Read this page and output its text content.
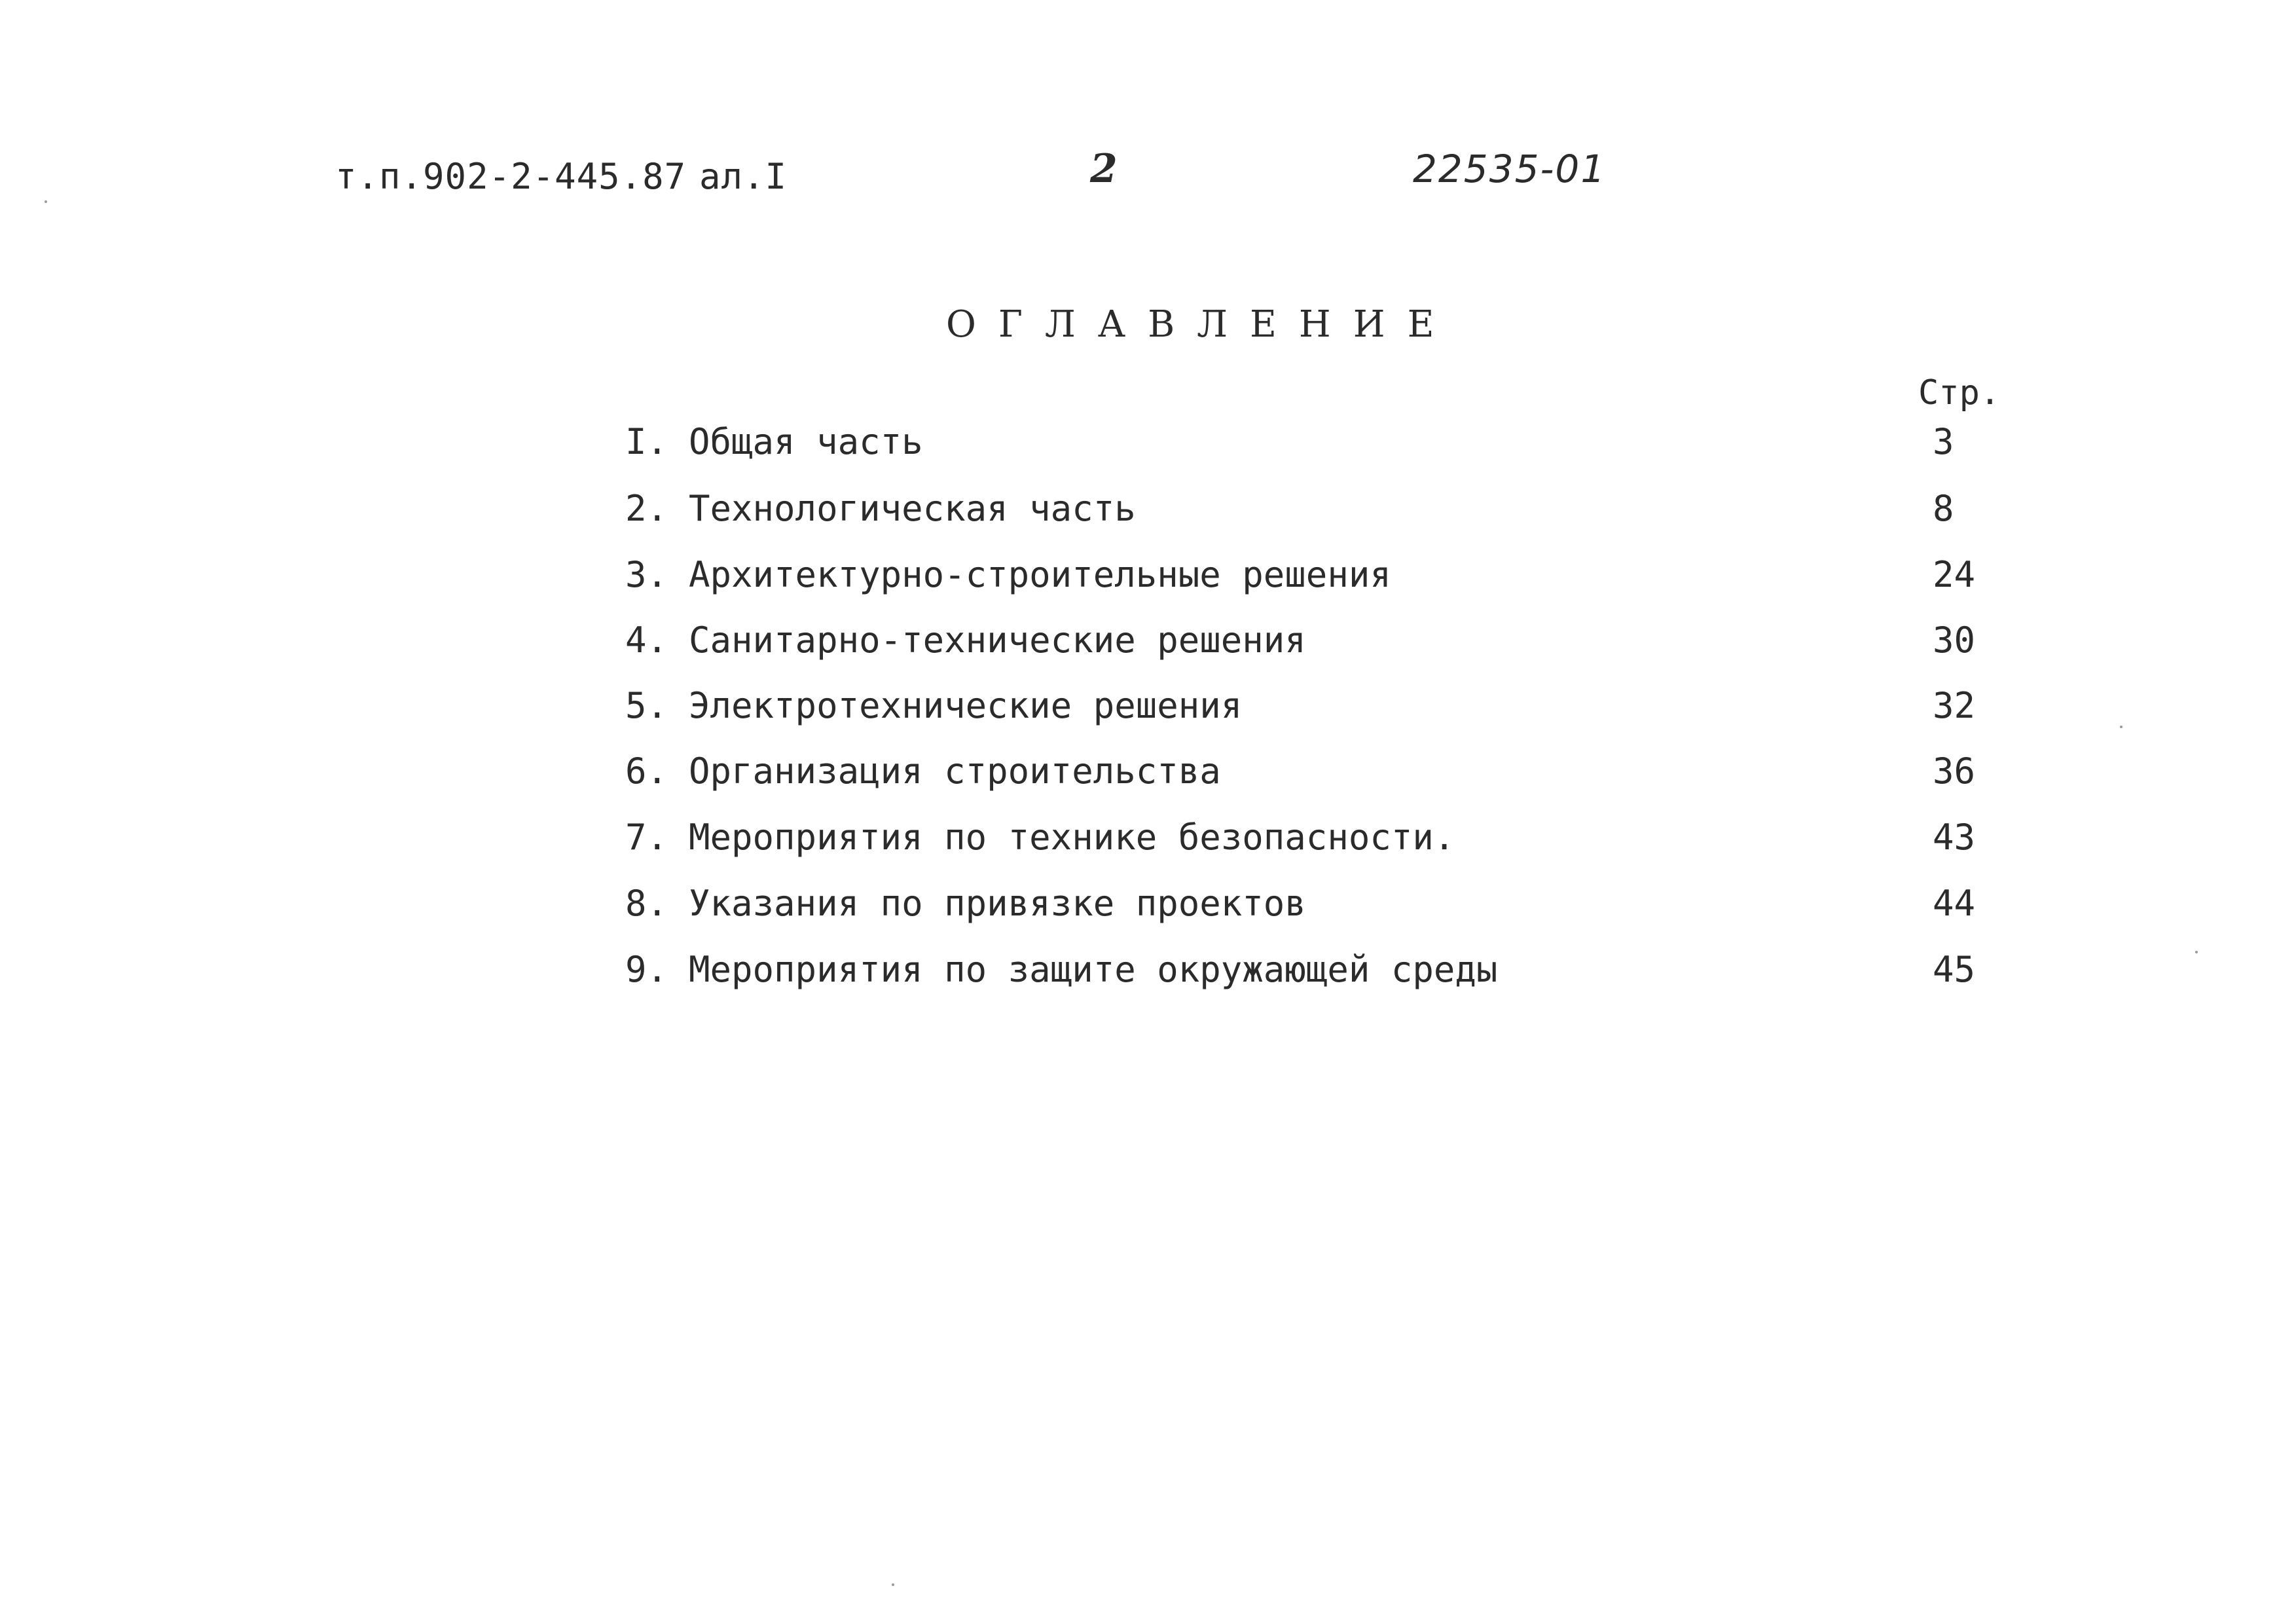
т.п.902-2-445.87 ал.I	2	22535-01
ОГЛАВЛЕНИЕ
Стр.
I. Общая часть	3
2. Технологическая часть	8
3. Архитектурно-строительные решения	24
4. Санитарно-технические решения	30
5. Электротехнические решения	32
6. Организация строительства	36
7. Мероприятия по технике безопасности.	43
8. Указания по привязке проектов	44
9. Мероприятия по защите окружающей среды	45
